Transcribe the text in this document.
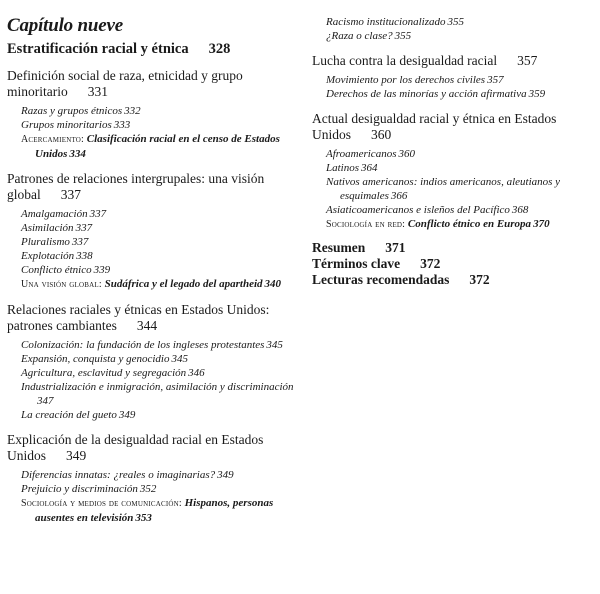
Capítulo nueve
Estratificación racial y étnica 328
Definición social de raza, etnicidad y grupo minoritario 331
Razas y grupos étnicos 332
Grupos minoritarios 333
Acercamiento: Clasificación racial en el censo de Estados Unidos 334
Patrones de relaciones intergrupales: una visión global 337
Amalgamación 337
Asimilación 337
Pluralismo 337
Explotación 338
Conflicto étnico 339
Una visión global: Sudáfrica y el legado del apartheid 340
Relaciones raciales y étnicas en Estados Unidos: patrones cambiantes 344
Colonización: la fundación de los ingleses protestantes 345
Expansión, conquista y genocidio 345
Agricultura, esclavitud y segregación 346
Industrialización e inmigración, asimilación y discriminación347
La creación del gueto 349
Explicación de la desigualdad racial en Estados Unidos 349
Diferencias innatas: ¿reales o imaginarias? 349
Prejuicio y discriminación 352
Sociología y medios de comunicación: Hispanos, personas ausentes en televisión 353
Racismo institucionalizado 355
¿Raza o clase? 355
Lucha contra la desigualdad racial 357
Movimiento por los derechos civiles 357
Derechos de las minorías y acción afirmativa 359
Actual desigualdad racial y étnica en Estados Unidos 360
Afroamericanos 360
Latinos 364
Nativos americanos: indios americanos, aleutianos y esquimales 366
Asiaticoamericanos e isleños del Pacífico 368
Sociología en red: Conflicto étnico en Europa 370
Resumen 371
Términos clave 372
Lecturas recomendadas 372
